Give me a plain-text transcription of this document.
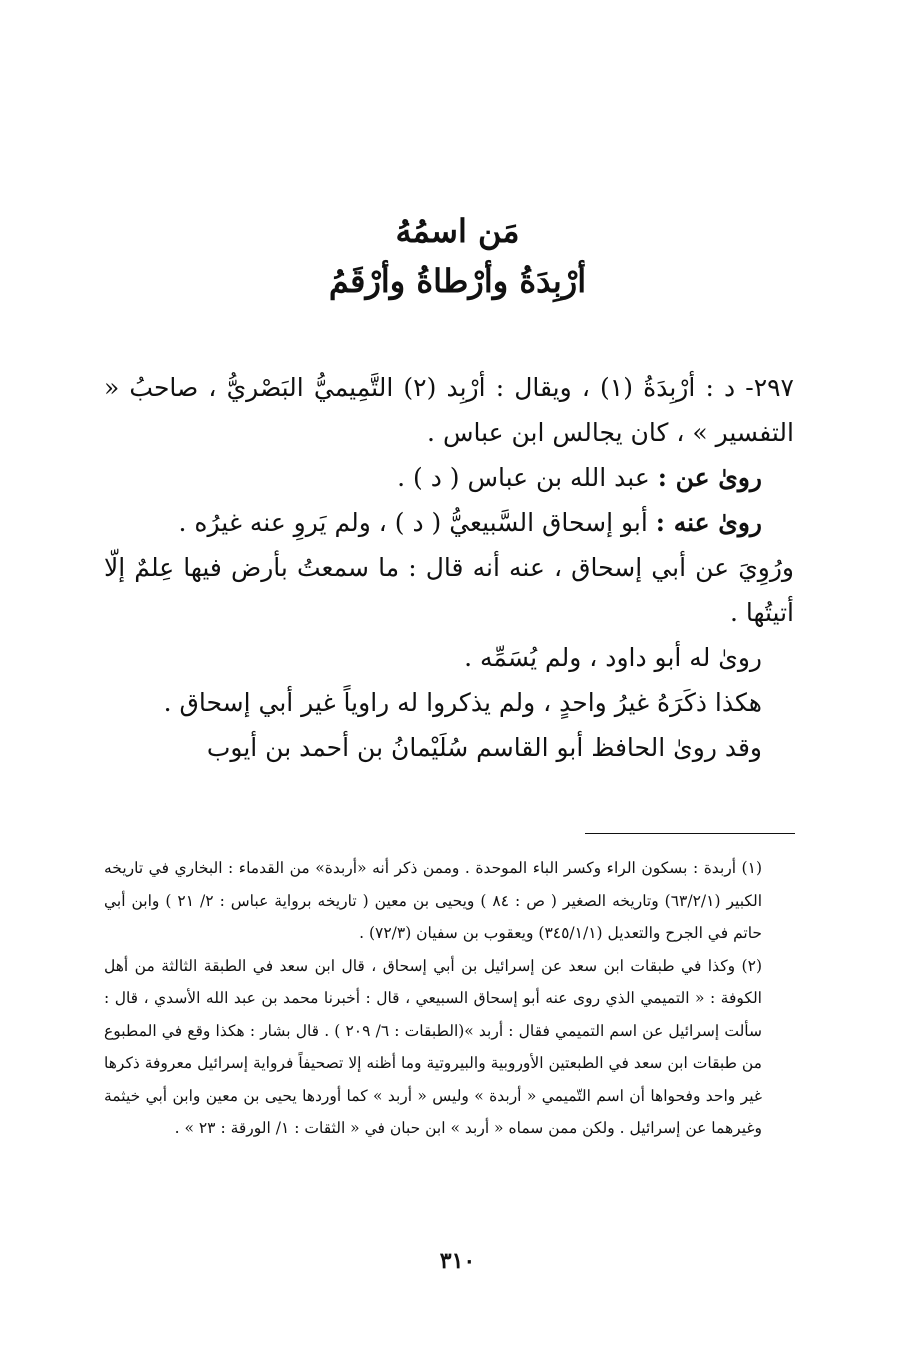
مَن اسمُهُ
أرْبِدَةُ وأرْطاةُ وأرْقَمُ

٢٩٧- د : أرْبِدَةُ (١) ، ويقال : أرْبِد (٢) التَّمِيميُّ البَصْريُّ ، صاحبُ « التفسير » ، كان يجالس ابن عباس .

روىٰ عن : عبد الله بن عباس ( د ) .

روىٰ عنه : أبو إسحاق السَّبيعيُّ ( د ) ، ولم يَروِ عنه غيرُه .

ورُوِيَ عن أبي إسحاق ، عنه أنه قال : ما سمعتُ بأرض فيها عِلمٌ إلّا أتيتُها .

روىٰ له أبو داود ، ولم يُسَمِّه .

هكذا ذكَرَهُ غيرُ واحدٍ ، ولم يذكروا له راوياً غير أبي إسحاق .

وقد روىٰ الحافظ أبو القاسم سُلَيْمانُ بن أحمد بن أيوب

(١) أربدة : بسكون الراء وكسر الباء الموحدة . وممن ذكر أنه «أربدة» من القدماء : البخاري في تاريخه الكبير (٦٣/٢/١) وتاريخه الصغير ( ص : ٨٤ ) ويحيى بن معين ( تاريخه برواية عباس : ٢/ ٢١ ) وابن أبي حاتم في الجرح والتعديل (٣٤٥/١/١) ويعقوب بن سفيان (٧٢/٣) .

(٢) وكذا في طبقات ابن سعد عن إسرائيل بن أبي إسحاق ، قال ابن سعد في الطبقة الثالثة من أهل الكوفة : « التميمي الذي روى عنه أبو إسحاق السبيعي ، قال : أخبرنا محمد بن عبد الله الأسدي ، قال : سألت إسرائيل عن اسم التميمي فقال : أربد »(الطبقات : ٦/ ٢٠٩ ) . قال بشار : هكذا وقع في المطبوع من طبقات ابن سعد في الطبعتين الأوروبية والبيروتية وما أظنه إلا تصحيفاً فرواية إسرائيل معروفة ذكرها غير واحد وفحواها أن اسم التّميمي « أربدة » وليس « أربد » كما أوردها يحيى بن معين وابن أبي خيثمة وغيرهما عن إسرائيل . ولكن ممن سماه « أربد » ابن حبان في « الثقات : ١/ الورقة : ٢٣ » .

٣١٠
